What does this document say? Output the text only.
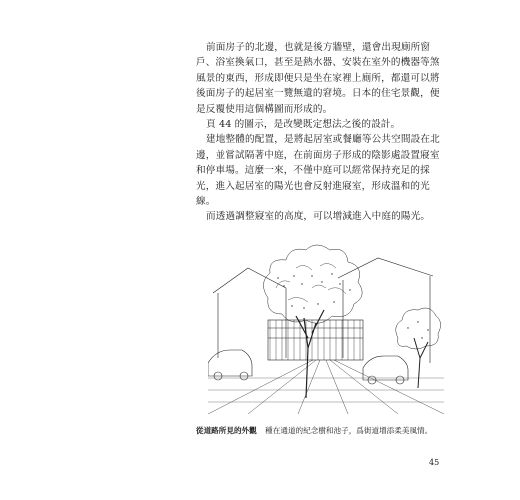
前面房子的北邊，也就是後方牆壁，還會出現廁所窗戶、浴室換氣口，甚至是熱水器、安裝在室外的機器等煞風景的東西，形成即便只是坐在家裡上廁所，都還可以將後面房子的起居室一覽無遺的窘境。日本的住宅景觀，便是反覆使用這個構圖而形成的。

頁 44 的圖示，是改變既定想法之後的設計。

建地整體的配置，是將起居室或餐廳等公共空間設在北邊，並嘗試隔著中庭，在前面房子形成的陰影處設置寢室和停車場。這麼一來，不僅中庭可以經常保持充足的採光，進入起居室的陽光也會反射進寢室，形成溫和的光線。

而透過調整寢室的高度，可以增減進入中庭的陽光。

從道路所見的外觀 種在通道的紀念樹和池子，爲街道增添柔美風情。
45
